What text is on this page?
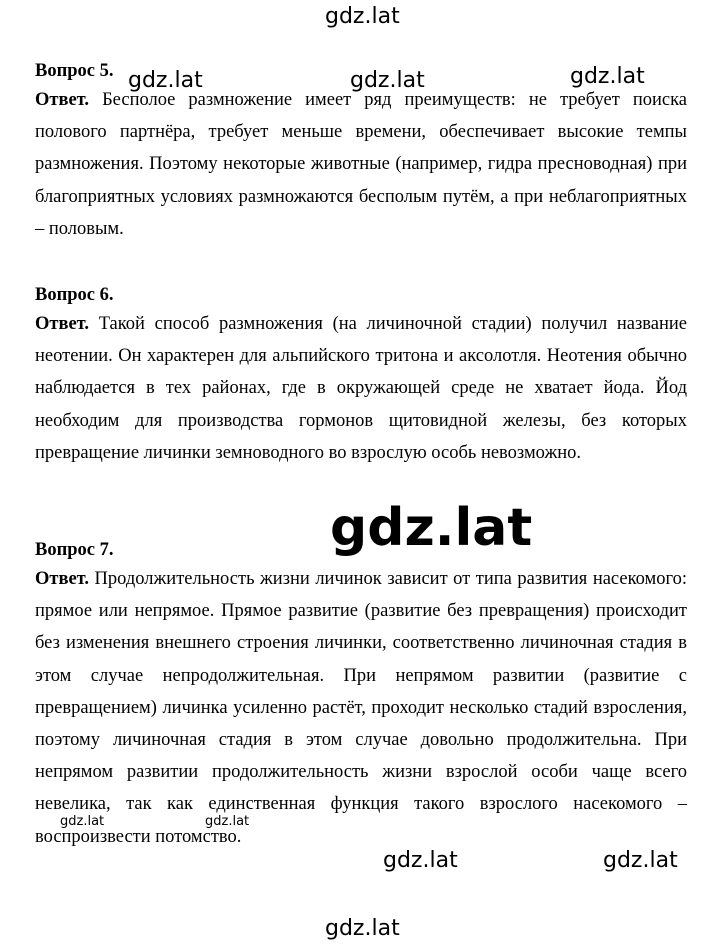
Вопрос 5.

Ответ. Бесполое размножение имеет ряд преимуществ: не требует поиска полового партнёра, требует меньше времени, обеспечивает высокие темпы размножения. Поэтому некоторые животные (например, гидра пресноводная) при благоприятных условиях размножаются бесполым путём, а при неблагоприятных – половым.

Вопрос 6.

Ответ. Такой способ размножения (на личиночной стадии) получил название неотении. Он характерен для альпийского тритона и аксолотля. Неотения обычно наблюдается в тех районах, где в окружающей среде не хватает йода. Йод необходим для производства гормонов щитовидной железы, без которых превращение личинки земноводного во взрослую особь невозможно.

Вопрос 7.

Ответ. Продолжительность жизни личинок зависит от типа развития насекомого: прямое или непрямое. Прямое развитие (развитие без превращения) происходит без изменения внешнего строения личинки, соответственно личиночная стадия в этом случае непродолжительная. При непрямом развитии (развитие с превращением) личинка усиленно растёт, проходит несколько стадий взросления, поэтому личиночная стадия в этом случае довольно продолжительна. При непрямом развитии продолжительность жизни взрослой особи чаще всего невелика, так как единственная функция такого взрослого насекомого – воспроизвести потомство.

gdz.lat
gdz.lat	gdz.lat	gdz.lat
gdz.lat
gdz.lat	gdz.lat
gdz.lat	gdz.lat
gdz.lat
